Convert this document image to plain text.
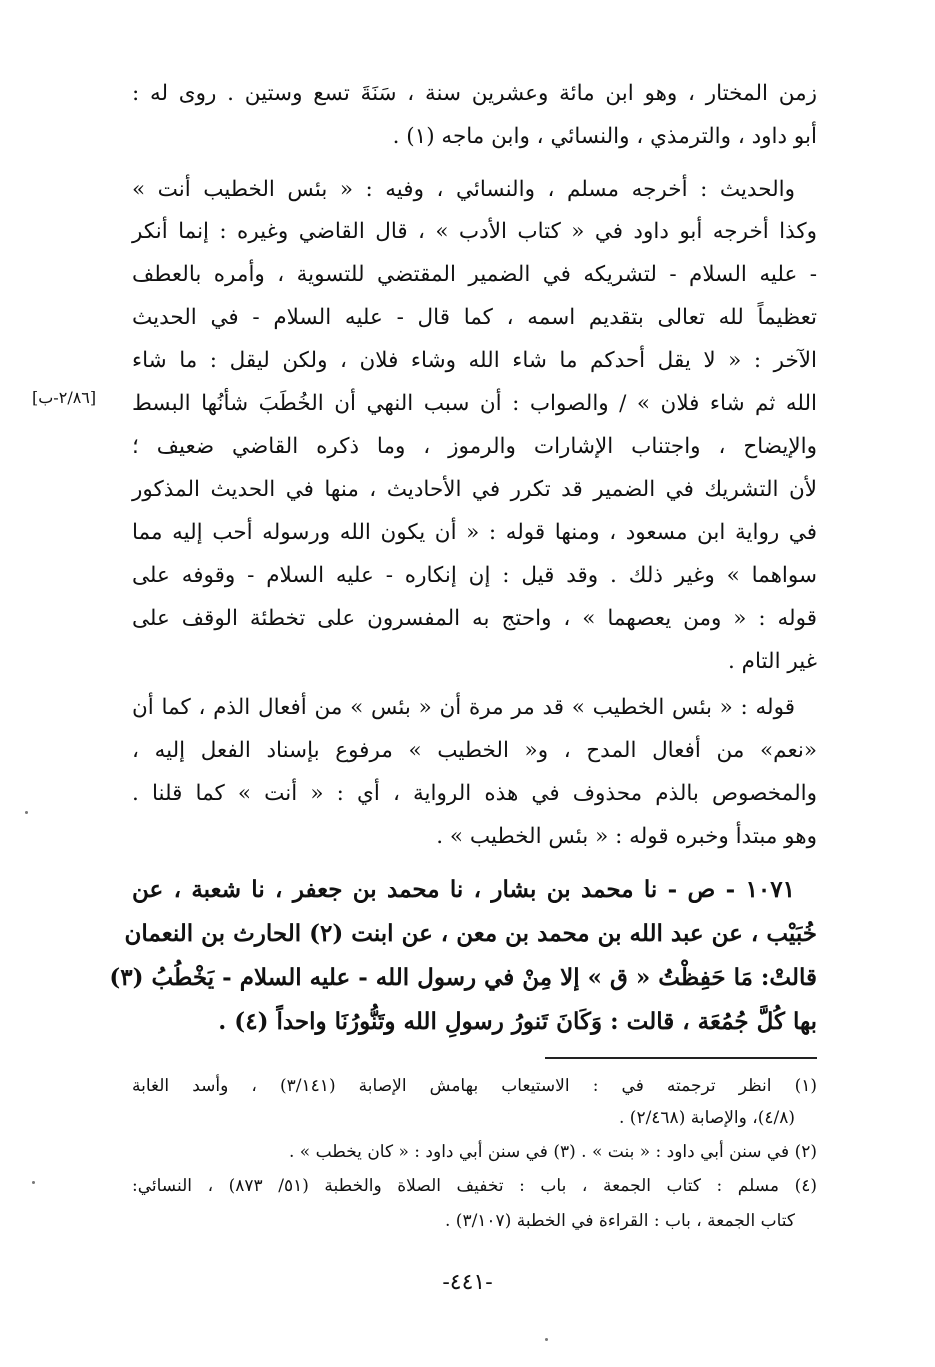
زمن المختار ، وهو ابن مائة وعشرين سنة ، سَنَةَ تسع وستين . روى له :
أبو داود ، والترمذي ، والنسائي ، وابن ماجه (١) .
والحديث : أخرجه مسلم ، والنسائي ، وفيه : « بئس الخطيب أنت »
وكذا أخرجه أبو داود في « كتاب الأدب » ، قال القاضي وغيره : إنما أنكر
- عليه السلام - لتشريكه في الضمير المقتضي للتسوية ، وأمره بالعطف
تعظيماً لله تعالى بتقديم اسمه ، كما قال - عليه السلام - في الحديث
الآخر : « لا يقل أحدكم ما شاء الله وشاء فلان ، ولكن ليقل : ما شاء
الله ثم شاء فلان » / والصواب : أن سبب النهي أن الخُطَبَ شأنُها البسط
والإيضاح ، واجتناب الإشارات والرموز ، وما ذكره القاضي ضعيف ؛
لأن التشريك في الضمير قد تكرر في الأحاديث ، منها في الحديث المذكور
في رواية ابن مسعود ، ومنها قوله : « أن يكون الله ورسوله أحب إليه مما
سواهما » وغير ذلك . وقد قيل : إن إنكاره - عليه السلام - وقوفه على
قوله : « ومن يعصهما » ، واحتج به المفسرون على تخطئة الوقف على
غير التام .
[٢/٨٦-ب]
قوله : « بئس الخطيب » قد مر مرة أن « بئس » من أفعال الذم ، كما أن
«نعم» من أفعال المدح ، و« الخطيب » مرفوع بإسناد الفعل إليه ،
والمخصوص بالذم محذوف في هذه الرواية ، أي : « أنت » كما قلنا .
وهو مبتدأ وخبره قوله : « بئس الخطيب » .
١٠٧١ - ص - نا محمد بن بشار ، نا محمد بن جعفر ، نا شعبة ، عن
خُبَيْب ، عن عبد الله بن محمد بن معن ، عن ابنت (٢) الحارث بن النعمان
قالتْ: مَا حَفِظْتُ « ق » إلا مِنْ في رسول الله - عليه السلام - يَخْطُبُ (٣)
بها كُلَّ جُمُعَة ، قالت : وَكَانَ تَنورُ رسولِ الله وتَنُّورُنَا واحداً (٤) .
(١) انظر ترجمته في : الاستيعاب بهامش الإصابة (٣/١٤١) ، وأسد الغابة
(٤/٨)، والإصابة (٢/٤٦٨) .
(٢) في سنن أبي داود : « بنت » . (٣) في سنن أبي داود : « كان يخطب » .
(٤) مسلم : كتاب الجمعة ، باب : تخفيف الصلاة والخطبة (٥١/ ٨٧٣) ، النسائي:
كتاب الجمعة ، باب : القراءة في الخطبة (٣/١٠٧) .
-٤٤١-
